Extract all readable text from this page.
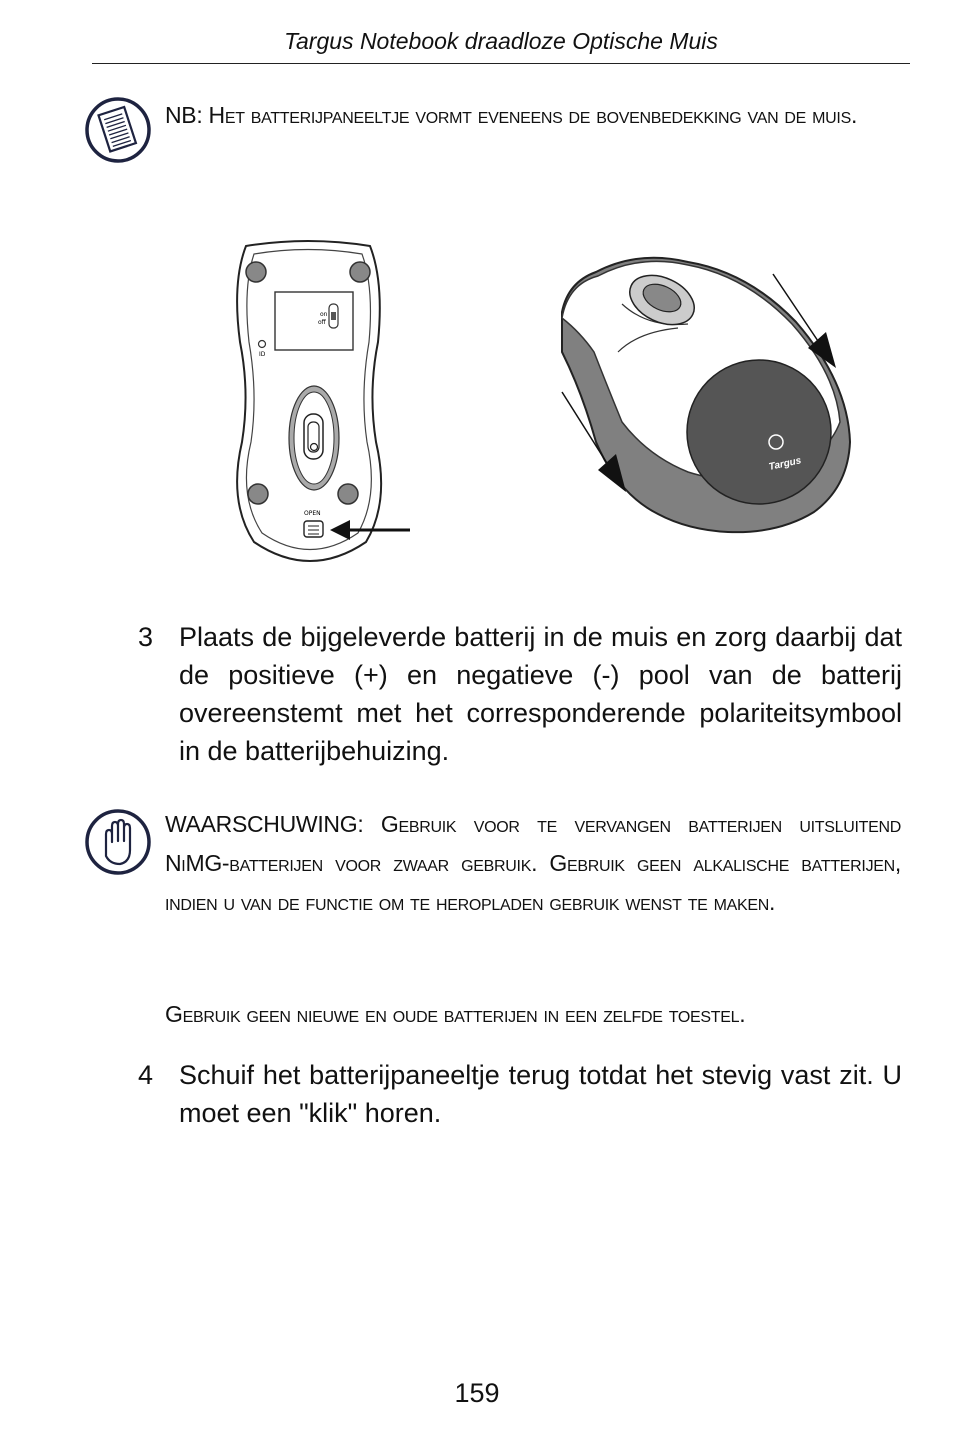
Targus Notebook draadloze Optische Muis
NB: Het batterijpaneeltje vormt eveneens de bovenbedekking van de muis.
on
off
ID
OPEN
Targus
3 Plaats de bijgeleverde batterij in de muis en zorg daarbij dat de positieve (+) en negatieve (-) pool van de batterij overeenstemt met het corresponderende polariteitsymbool in de batterijbehuizing.
WAARSCHUWING: Gebruik voor te vervangen batterijen uitsluitend NiMG-batterijen voor zwaar gebruik. Gebruik geen alkalische batterijen, indien u van de functie om te heropladen gebruik wenst te maken.
Gebruik geen nieuwe en oude batterijen in een zelfde toestel.
4 Schuif het batterijpaneeltje terug totdat het stevig vast zit. U moet een "klik" horen.
159
